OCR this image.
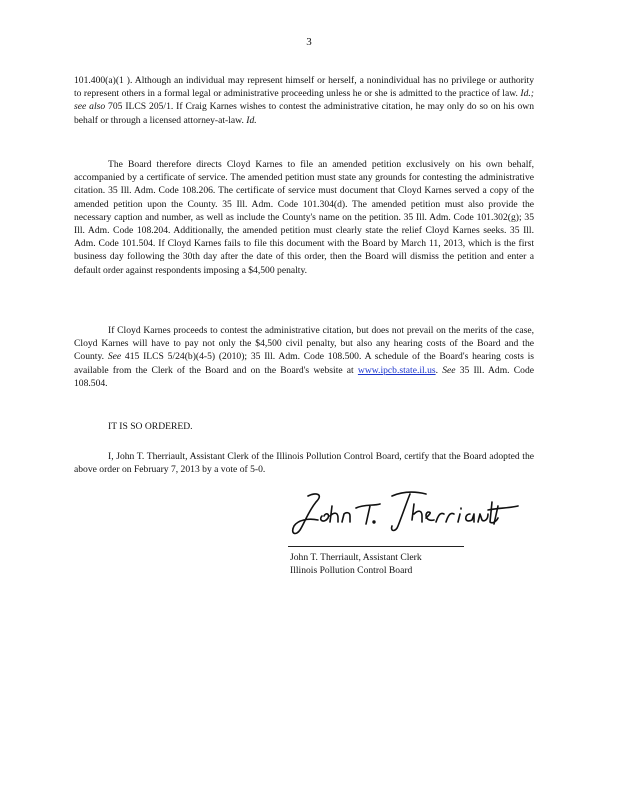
3

101.400(a)(1 ). Although an individual may represent himself or herself, a nonindividual has no privilege or authority to represent others in a formal legal or administrative proceeding unless he or she is admitted to the practice of law. Id.; see also 705 ILCS 205/1. If Craig Karnes wishes to contest the administrative citation, he may only do so on his own behalf or through a licensed attorney-at-law. Id.

The Board therefore directs Cloyd Karnes to file an amended petition exclusively on his own behalf, accompanied by a certificate of service. The amended petition must state any grounds for contesting the administrative citation. 35 Ill. Adm. Code 108.206. The certificate of service must document that Cloyd Karnes served a copy of the amended petition upon the County. 35 Ill. Adm. Code 101.304(d). The amended petition must also provide the necessary caption and number, as well as include the County's name on the petition. 35 Ill. Adm. Code 101.302(g); 35 Ill. Adm. Code 108.204. Additionally, the amended petition must clearly state the relief Cloyd Karnes seeks. 35 Ill. Adm. Code 101.504. If Cloyd Karnes fails to file this document with the Board by March 11, 2013, which is the first business day following the 30th day after the date of this order, then the Board will dismiss the petition and enter a default order against respondents imposing a $4,500 penalty.

If Cloyd Karnes proceeds to contest the administrative citation, but does not prevail on the merits of the case, Cloyd Karnes will have to pay not only the $4,500 civil penalty, but also any hearing costs of the Board and the County. See 415 ILCS 5/24(b)(4-5) (2010); 35 Ill. Adm. Code 108.500. A schedule of the Board's hearing costs is available from the Clerk of the Board and on the Board's website at www.ipcb.state.il.us. See 35 Ill. Adm. Code 108.504.

IT IS SO ORDERED.

I, John T. Therriault, Assistant Clerk of the Illinois Pollution Control Board, certify that the Board adopted the above order on February 7, 2013 by a vote of 5-0.

John T. Therriault, Assistant Clerk
Illinois Pollution Control Board
